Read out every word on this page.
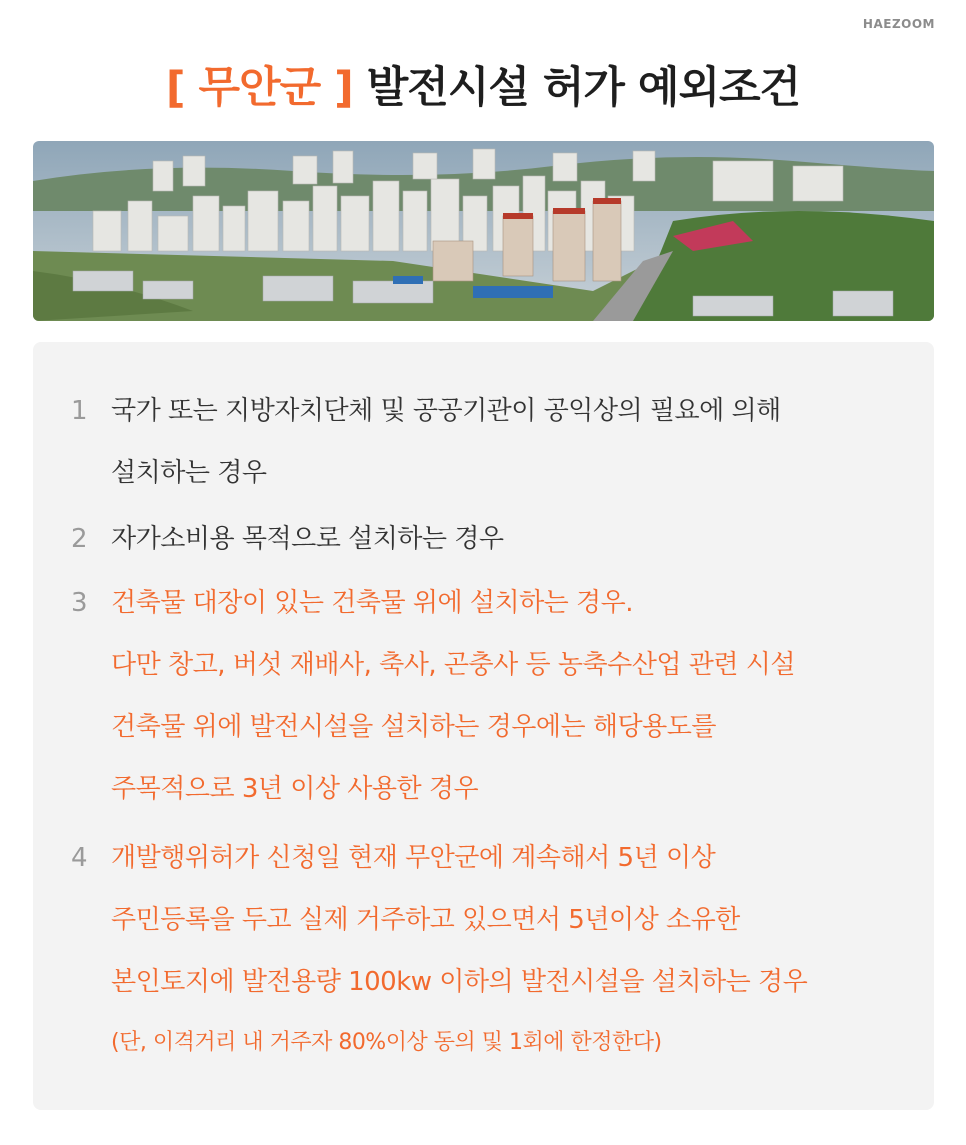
HAEZOOM
[ 무안군 ] 발전시설 허가 예외조건
1 국가 또는 지방자치단체 및 공공기관이 공익상의 필요에 의해
설치하는 경우
2 자가소비용 목적으로 설치하는 경우
3 건축물 대장이 있는 건축물 위에 설치하는 경우.
다만 창고, 버섯 재배사, 축사, 곤충사 등 농축수산업 관련 시설
건축물 위에 발전시설을 설치하는 경우에는 해당용도를
주목적으로 3년 이상 사용한 경우
4 개발행위허가 신청일 현재 무안군에 계속해서 5년 이상
주민등록을 두고 실제 거주하고 있으면서 5년이상 소유한
본인토지에 발전용량 100kw 이하의 발전시설을 설치하는 경우
(단, 이격거리 내 거주자 80%이상 동의 및 1회에 한정한다)
